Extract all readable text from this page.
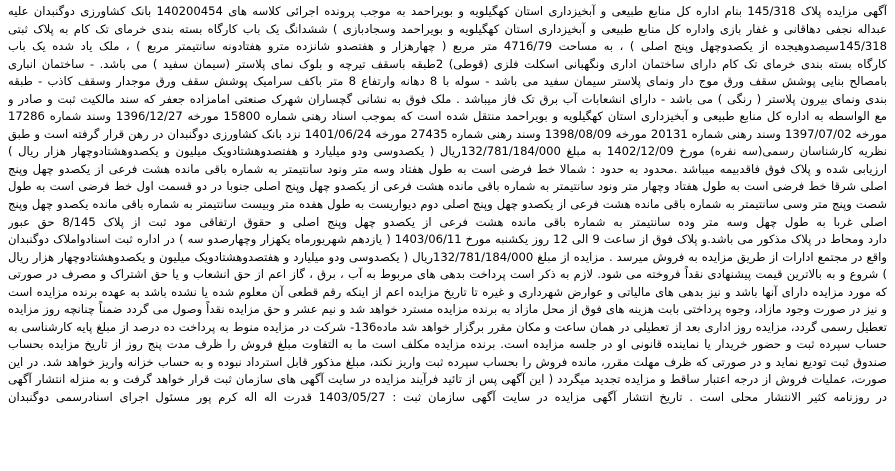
آگهی مزایده پلاک 145/318 بنام اداره کل منابع طبیعی و آبخیزداری استان کهگیلویه و بویراحمد به موجب پرونده اجرائی کلاسه های 140200454 بانک کشاورزی دوگنبدان علیه
عبداله نجفی دهاقانی و غفار بازی واداره کل منابع طبیعی و آبخیزداری استان کهگیلویه و بویراحمد وسجادبازی ) ششدانگ یک باب کارگاه بسته بندی خرمای تک کام به پلاک ثبتی
145/318سیصدوهیجده از یکصدوچهل وپنج اصلی ) ، به مساحت 4716/79 متر مربع ( چهارهزار و هفتصدو شانزده مترو هفتادونه سانتیمتر مربع ) ، ملک یاد شده یک باب
کارگاه بسته بندی خرمای تک کام دارای ساختمان اداری ونگهبانی اسکلت فلزی (قوطی) 2طبقه باسقف تیرچه و بلوک نمای پلاستر (سیمان سفید ) می باشد. - ساختمان انباری
بامصالح بنایی پوشش سقف ورق موج دار ونمای پلاستر سیمان سفید می باشد - سوله با 8 دهانه وارتفاع 8 متر باکف سرامیک پوشش سقف ورق موجدار وسقف کاذب - طبقه
بندی ونمای بیرون پلاستر ( رنگی ) می باشد - دارای انشعابات آب برق تک فاز میباشد . ملک فوق به نشانی گچساران شهرک صنعتی امامزاده جعفر که سند مالکیت ثبت و صادر و
مع الواسطه به اداره کل منابع طبیعی و آبخیزداری استان کهگیلویه و بویراحمد منتقل شده است که بموجب اسناد رهنی شماره 15800 مورخه 1396/12/27 وسند شماره 17286
مورخه 1397/07/02 وسند رهنی شماره 20131 مورخه 1398/08/09 وسند رهنی شماره 27435 مورخه 1401/06/24 نزد بانک کشاورزی دوگنبدان در رهن قرار گرفته است و طبق
نظریه کارشناسان رسمی(سه نفره) مورخ 1402/12/09 به مبلغ 132/781/184/000ریال ( یکصدوسی ودو میلیارد و هفتصدوهشتادویک میلیون و یکصدوهشتادوچهار هزار ریال )
ارزیابی شده و پلاک فوق فاقدبیمه میباشد .محدود به حدود : شمالا خط فرضی است به طول هفتاد وسه متر ونود سانتیمتر به شماره باقی مانده هشت فرعی از یکصدو چهل وپنج
اصلی شرقا خط فرضی است به طول هفتاد وچهار متر ونود سانتیمتر به شماره باقی مانده هشت فرعی از یکصدو چهل وپنج اصلی جنوبا در دو قسمت اول خط فرضی است به طول
شصت وپنج متر وسی سانتیمتر به شماره باقی مانده هشت فرعی از یکصدو چهل وپنج اصلی دوم دیواریست به طول هفده متر وبیست سانتیمتر به شماره باقی مانده یکصدو چهل وپنج
اصلی غربا به طول چهل وسه متر وده سانتیمتر به شماره باقی مانده هشت فرعی از یکصدو چهل وپنج اصلی و حقوق ارتفاقی مود ثبت از پلاک 8/145 حق عبور
دارد ومحاط در پلاک مذکور می باشد.و پلاک فوق از ساعت 9 الی 12 روز یکشنبه مورخ 1403/06/11 ( یازدهم شهریورماه یکهزار وچهارصدو سه ) در اداره ثبت اسنادواملاک دوگنبدان
واقع در مجتمع ادارات از طریق مزایده به فروش میرسد . مزایده از مبلغ 132/781/184/000ریال ( یکصدوسی ودو میلیارد و هفتصدوهشتادویک میلیون و یکصدوهشتادوچهار هزار ریال
) شروع و به بالاترین قیمت پیشنهادی نقداً فروخته می شود. لازم به ذکر است پرداخت بدهی های مربوط به آب ، برق ، گاز اعم از حق انشعاب و یا حق اشتراک و مصرف در صورتی
که مورد مزایده دارای آنها باشد و نیز بدهی های مالیاتی و عوارض شهرداری و غیره تا تاریخ مزایده اعم از اینکه رقم قطعی آن معلوم شده یا نشده باشد به عهده برنده مزایده است
و نیز در صورت وجود مازاد، وجوه پرداختی بابت هزینه های فوق از محل مازاد به برنده مزایده مسترد خواهد شد و نیم عشر و حق مزایده نقداً وصول می گردد ضمناً چنانچه روز مزایده
تعطیل رسمی گردد، مزایده روز اداری بعد از تعطیلی در همان ساعت و مکان مقرر برگزار خواهد شد ماده136- شرکت در مزایده منوط به پرداخت ده درصد از مبلغ پایه کارشناسی به
حساب سپرده ثبت و حضور خریدار یا نماینده قانونی او در جلسه مزایده است. برنده مزایده مکلف است ما به التفاوت مبلغ فروش را ظرف مدت پنج روز از تاریخ مزایده بحساب
صندوق ثبت تودیع نماید و در صورتی که ظرف مهلت مقرر، مانده فروش را بحساب سپرده ثبت واریز نکند، مبلغ مذکور قابل استرداد نبوده و به حساب خزانه واریز خواهد شد. در این
صورت، عملیات فروش از درجه اعتبار ساقط و مزایده تجدید میگردد ( این آگهی پس از تائید فرآیند مزایده در سایت آگهی های سازمان ثبت قرار خواهد گرفت و به منزله انتشار آگهی
در روزنامه کثیر الانتشار محلی است . تاریخ انتشار آگهی مزایده در سایت آگهی سازمان ثبت : 1403/05/27 قدرت اله اله کرم پور مسئول اجرای اسنادرسمی دوگنبدان
